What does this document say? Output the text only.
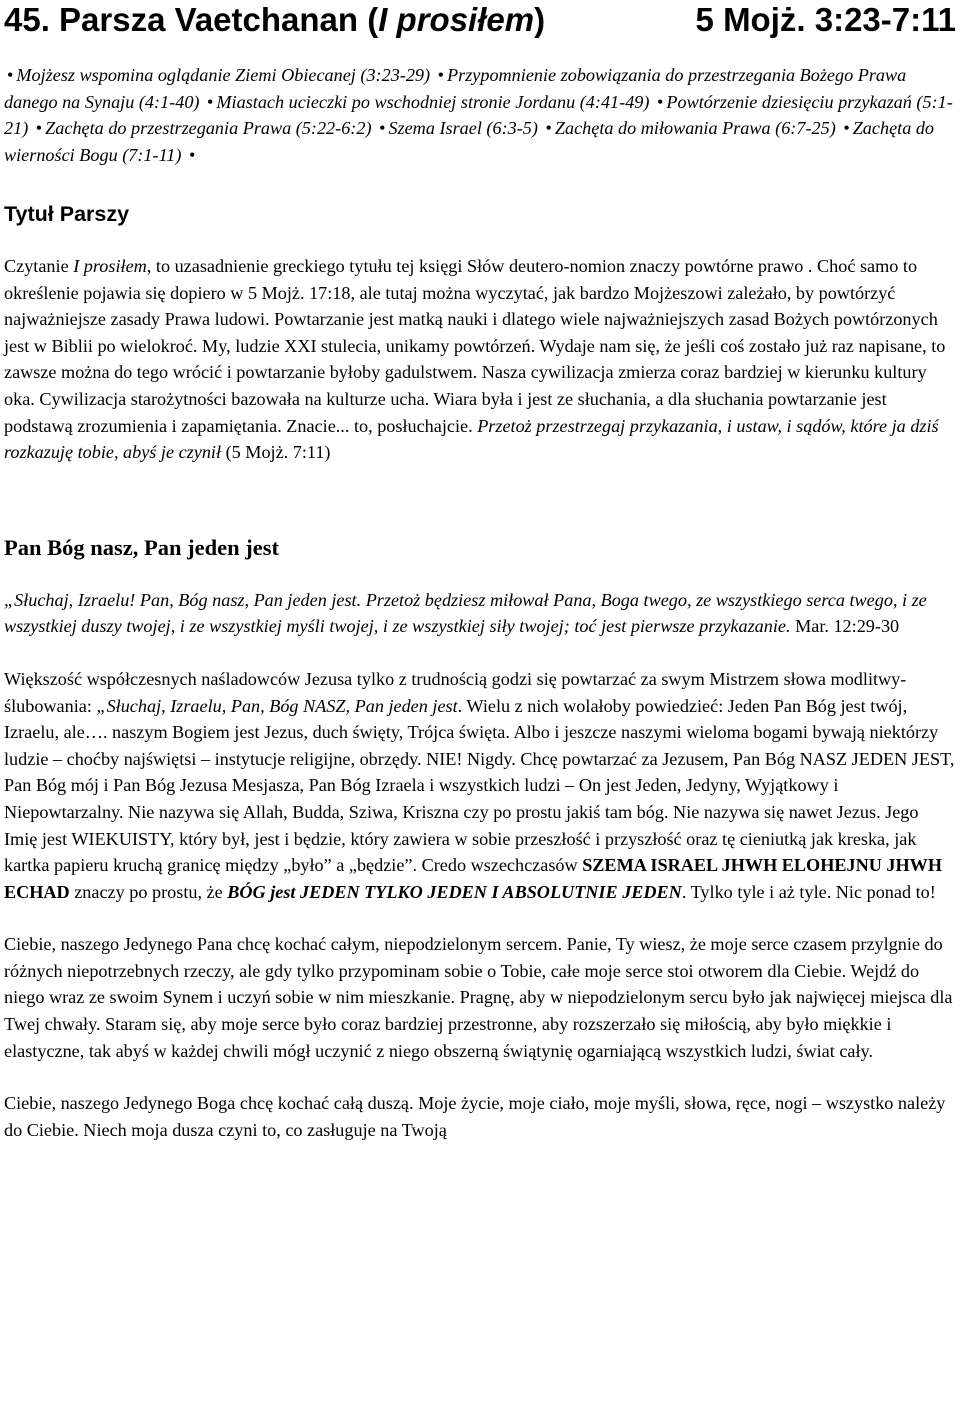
45. Parsza Vaetchanan (I prosiłem)	5 Mojż. 3:23-7:11
• Mojżesz wspomina oglądanie Ziemi Obiecanej (3:23-29) • Przypomnienie zobowiązania do przestrzegania Bożego Prawa danego na Synaju (4:1-40) • Miastach ucieczki po wschodniej stronie Jordanu (4:41-49) • Powtórzenie dziesięciu przykazań (5:1-21) • Zachęta do przestrzegania Prawa (5:22-6:2) • Szema Israel (6:3-5) • Zachęta do miłowania Prawa (6:7-25) • Zachęta do wierności Bogu (7:1-11) •
Tytuł Parszy

Czytanie I prosiłem, to uzasadnienie greckiego tytułu tej księgi Słów deutero-nomion znaczy powtórne prawo . Choć samo to określenie pojawia się dopiero w 5 Mojż. 17:18, ale tutaj można wyczytać, jak bardzo Mojżeszowi zależało, by powtórzyć najważniejsze zasady Prawa ludowi. Powtarzanie jest matką nauki i dlatego wiele najważniejszych zasad Bożych powtórzonych jest w Biblii po wielokroć. My, ludzie XXI stulecia, unikamy powtórzeń. Wydaje nam się, że jeśli coś zostało już raz napisane, to zawsze można do tego wrócić i powtarzanie byłoby gadulstwem. Nasza cywilizacja zmierza coraz bardziej w kierunku kultury oka. Cywilizacja starożytności bazowała na kulturze ucha. Wiara była i jest ze słuchania, a dla słuchania powtarzanie jest podstawą zrozumienia i zapamiętania. Znacie... to, posłuchajcie. Przetoż przestrzegaj przykazania, i ustaw, i sądów, które ja dziś rozkazuję tobie, abyś je czynił (5 Mojż. 7:11)

Pan Bóg nasz, Pan jeden jest

„Słuchaj, Izraelu! Pan, Bóg nasz, Pan jeden jest. Przetoż będziesz miłował Pana, Boga twego, ze wszystkiego serca twego, i ze wszystkiej duszy twojej, i ze wszystkiej myśli twojej, i ze wszystkiej siły twojej; toć jest pierwsze przykazanie. Mar. 12:29-30

Większość współczesnych naśladowców Jezusa tylko z trudnością godzi się powtarzać za swym Mistrzem słowa modlitwy-ślubowania: „Słuchaj, Izraelu, Pan, Bóg NASZ, Pan jeden jest. Wielu z nich wolałoby powiedzieć: Jeden Pan Bóg jest twój, Izraelu, ale…. naszym Bogiem jest Jezus, duch święty, Trójca święta. Albo i jeszcze naszymi wieloma bogami bywają niektórzy ludzie – choćby najświętsi – instytucje religijne, obrzędy. NIE! Nigdy. Chcę powtarzać za Jezusem, Pan Bóg NASZ JEDEN JEST, Pan Bóg mój i Pan Bóg Jezusa Mesjasza, Pan Bóg Izraela i wszystkich ludzi – On jest Jeden, Jedyny, Wyjątkowy i Niepowtarzalny. Nie nazywa się Allah, Budda, Sziwa, Kriszna czy po prostu jakiś tam bóg. Nie nazywa się nawet Jezus. Jego Imię jest WIEKUISTY, który był, jest i będzie, który zawiera w sobie przeszłość i przyszłość oraz tę cieniutką jak kreska, jak kartka papieru kruchą granicę między „było” a „będzie”. Credo wszechczasów SZEMA ISRAEL JHWH ELOHEJNU JHWH ECHAD znaczy po prostu, że BÓG jest JEDEN TYLKO JEDEN I ABSOLUTNIE JEDEN. Tylko tyle i aż tyle. Nic ponad to!

Ciebie, naszego Jedynego Pana chcę kochać całym, niepodzielonym sercem. Panie, Ty wiesz, że moje serce czasem przylgnie do różnych niepotrzebnych rzeczy, ale gdy tylko przypominam sobie o Tobie, całe moje serce stoi otworem dla Ciebie. Wejdź do niego wraz ze swoim Synem i uczyń sobie w nim mieszkanie. Pragnę, aby w niepodzielonym sercu było jak najwięcej miejsca dla Twej chwały. Staram się, aby moje serce było coraz bardziej przestronne, aby rozszerzało się miłością, aby było miękkie i elastyczne, tak abyś w każdej chwili mógł uczynić z niego obszerną świątynię ogarniającą wszystkich ludzi, świat cały.

Ciebie, naszego Jedynego Boga chcę kochać całą duszą. Moje życie, moje ciało, moje myśli, słowa, ręce, nogi – wszystko należy do Ciebie. Niech moja dusza czyni to, co zasługuje na Twoją
